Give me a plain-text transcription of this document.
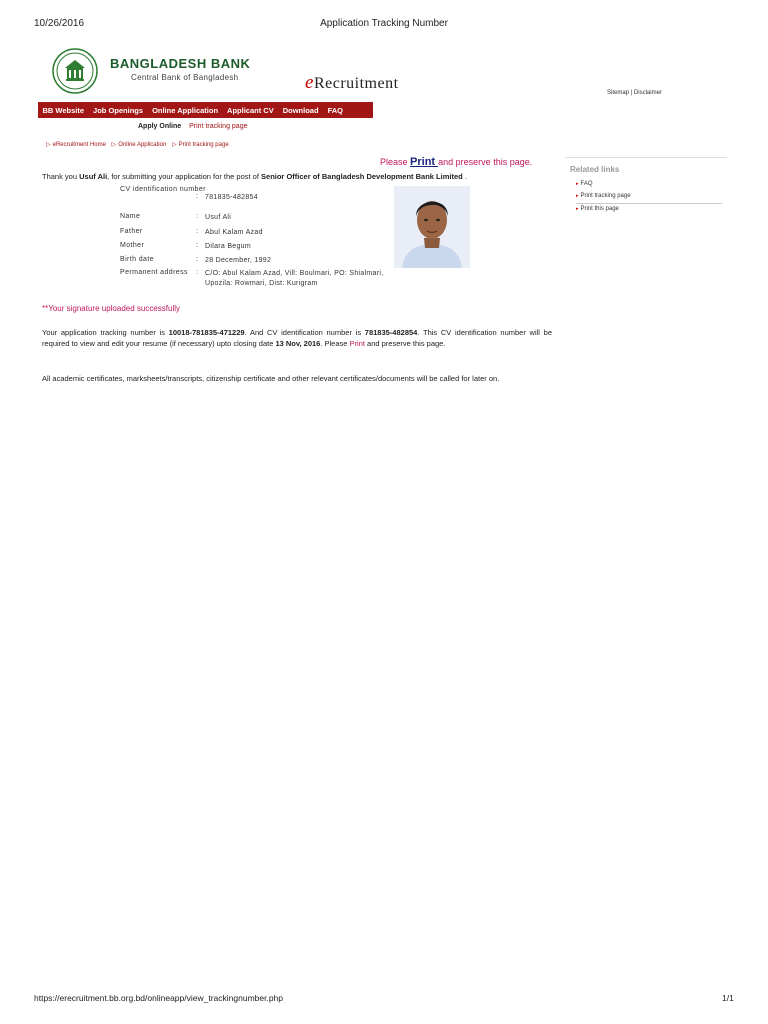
10/26/2016	Application Tracking Number
BANGLADESH BANK
Central Bank of Bangladesh	eRecruitment
Sitemap | Disclaimer
BB Website	Job Openings	Online Application	Applicant CV	Download	FAQ
Apply Online Print tracking page
▷ eRecruitment Home ▷ Online Application ▷ Print tracking page
Please Print and preserve this page.
Thank you Usuf Ali, for submitting your application for the post of Senior Officer of Bangladesh Development Bank Limited .
CV identification number
: 781835-482854
Name	: Usuf Ali
Father	: Abul Kalam Azad
Mother	: Dilara Begum
Birth date	: 28 December, 1992
Permanent address	: C/O: Abul Kalam Azad, Vill: Boulmari, PO: Shialmari,
Upozila: Rowmari, Dist: Kurigram
**Your signature uploaded successfully
Your application tracking number is 10018-781835-471229. And CV identification number is 781835-482854. This CV identification number will be required to view and edit your resume (if necessary) upto closing date 13 Nov, 2016. Please Print and preserve this page.
All academic certificates, marksheets/transcripts, citizenship certificate and other relevant certificates/documents will be called for later on.
Related links
▸ FAQ
▸ Print tracking page
▸ Print this page
https://erecruitment.bb.org.bd/onlineapp/view_trackingnumber.php	1/1
